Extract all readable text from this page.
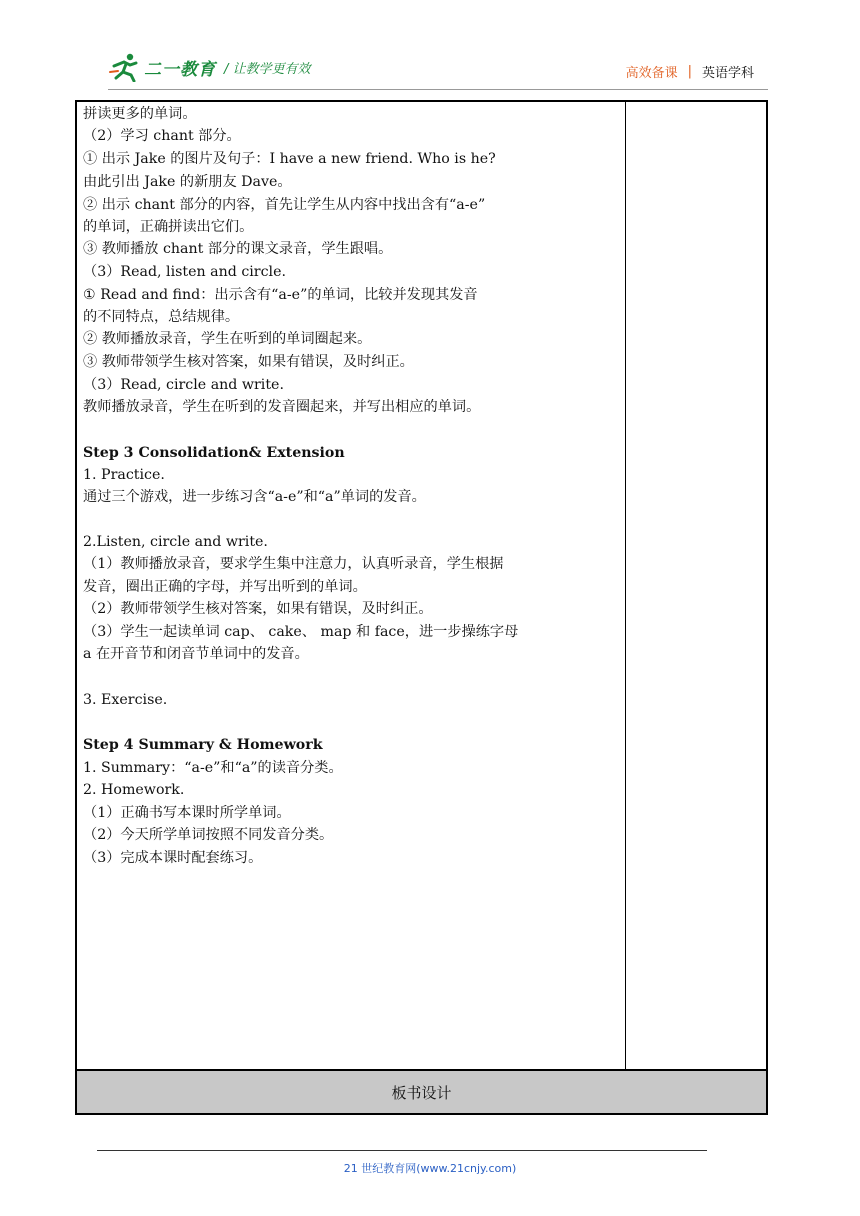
二一教育 / 让教学更有效	高效备课 | 英语学科
拼读更多的单词。
（2）学习 chant 部分。
① 出示 Jake 的图片及句子：I have a new friend. Who is he?
由此引出 Jake 的新朋友 Dave。
② 出示 chant 部分的内容，首先让学生从内容中找出含有“a-e”
的单词，正确拼读出它们。
③ 教师播放 chant 部分的课文录音，学生跟唱。
（3）Read, listen and circle.
① Read and find：出示含有“a-e”的单词，比较并发现其发音
的不同特点，总结规律。
② 教师播放录音，学生在听到的单词圈起来。
③ 教师带领学生核对答案，如果有错误，及时纠正。
（3）Read, circle and write.
教师播放录音，学生在听到的发音圈起来，并写出相应的单词。
Step 3 Consolidation& Extension
1. Practice.
通过三个游戏，进一步练习含“a-e”和“a”单词的发音。
2.Listen, circle and write.
（1）教师播放录音，要求学生集中注意力，认真听录音，学生根据
发音，圈出正确的字母，并写出听到的单词。
（2）教师带领学生核对答案，如果有错误，及时纠正。
（3）学生一起读单词 cap、 cake、 map 和 face，进一步操练字母
a 在开音节和闭音节单词中的发音。
3. Exercise.
Step 4 Summary & Homework
1. Summary：“a-e”和“a”的读音分类。
2. Homework.
（1）正确书写本课时所学单词。
（2）今天所学单词按照不同发音分类。
（3）完成本课时配套练习。
板书设计
21 世纪教育网(www.21cnjy.com)
